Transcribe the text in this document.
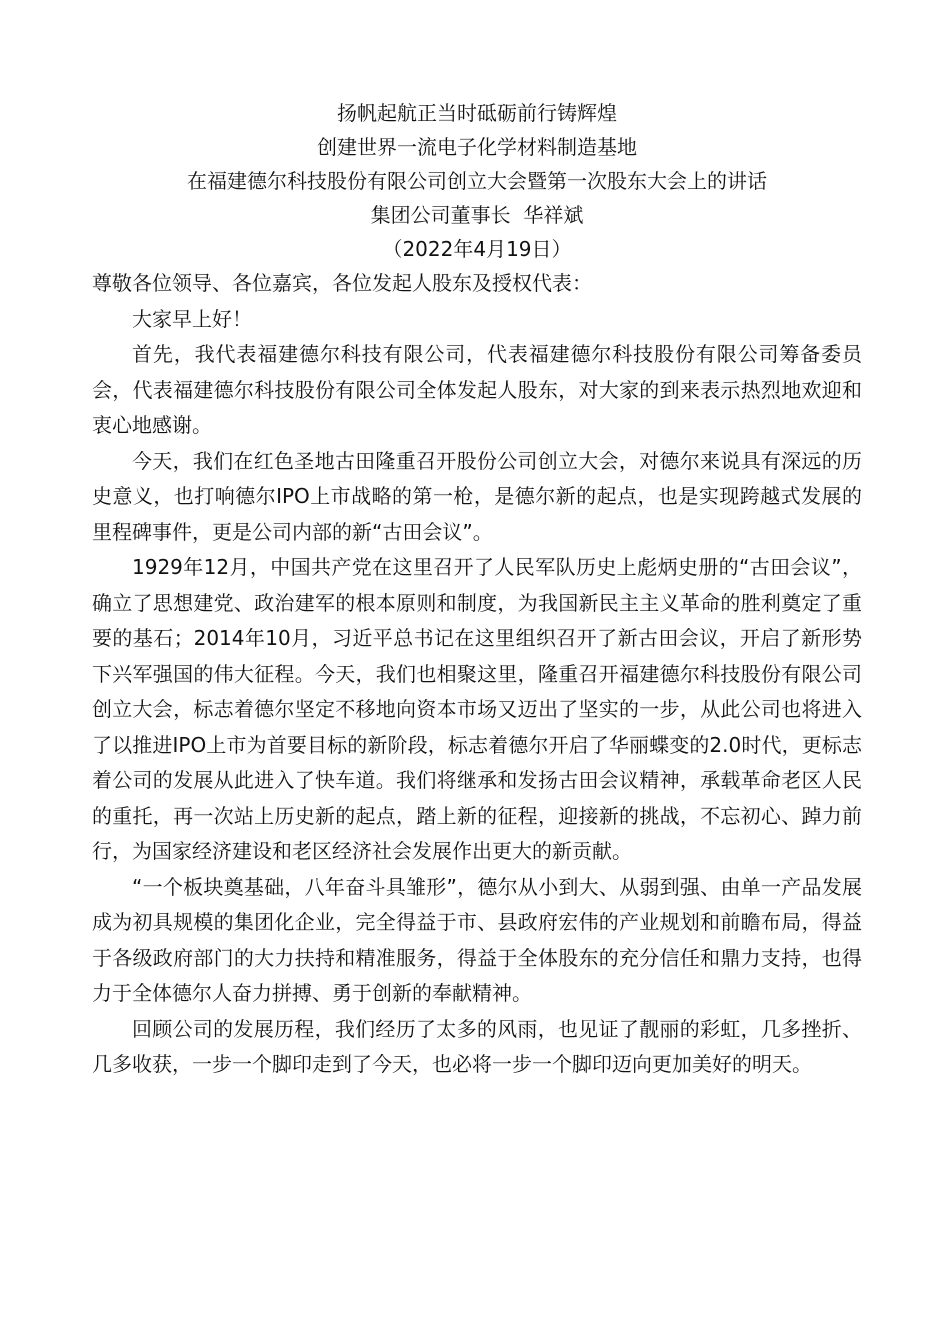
扬帆起航正当时砥砺前行铸辉煌
创建世界一流电子化学材料制造基地
在福建德尔科技股份有限公司创立大会暨第一次股东大会上的讲话
集团公司董事长  华祥斌
（2022年4月19日）

尊敬各位领导、各位嘉宾，各位发起人股东及授权代表：

大家早上好！

首先，我代表福建德尔科技有限公司，代表福建德尔科技股份有限公司筹备委员会，代表福建德尔科技股份有限公司全体发起人股东，对大家的到来表示热烈地欢迎和衷心地感谢。

今天，我们在红色圣地古田隆重召开股份公司创立大会，对德尔来说具有深远的历史意义，也打响德尔IPO上市战略的第一枪，是德尔新的起点，也是实现跨越式发展的里程碑事件，更是公司内部的新“古田会议”。

1929年12月，中国共产党在这里召开了人民军队历史上彪炳史册的“古田会议”，确立了思想建党、政治建军的根本原则和制度，为我国新民主主义革命的胜利奠定了重要的基石；2014年10月，习近平总书记在这里组织召开了新古田会议，开启了新形势下兴军强国的伟大征程。今天，我们也相聚这里，隆重召开福建德尔科技股份有限公司创立大会，标志着德尔坚定不移地向资本市场又迈出了坚实的一步，从此公司也将进入了以推进IPO上市为首要目标的新阶段，标志着德尔开启了华丽蝶变的2.0时代，更标志着公司的发展从此进入了快车道。我们将继承和发扬古田会议精神，承载革命老区人民的重托，再一次站上历史新的起点，踏上新的征程，迎接新的挑战，不忘初心、踔力前行，为国家经济建设和老区经济社会发展作出更大的新贡献。

“一个板块奠基础，八年奋斗具雏形”，德尔从小到大、从弱到强、由单一产品发展成为初具规模的集团化企业，完全得益于市、县政府宏伟的产业规划和前瞻布局，得益于各级政府部门的大力扶持和精准服务，得益于全体股东的充分信任和鼎力支持，也得力于全体德尔人奋力拼搏、勇于创新的奉献精神。

回顾公司的发展历程，我们经历了太多的风雨，也见证了靓丽的彩虹，几多挫折、几多收获，一步一个脚印走到了今天，也必将一步一个脚印迈向更加美好的明天。
